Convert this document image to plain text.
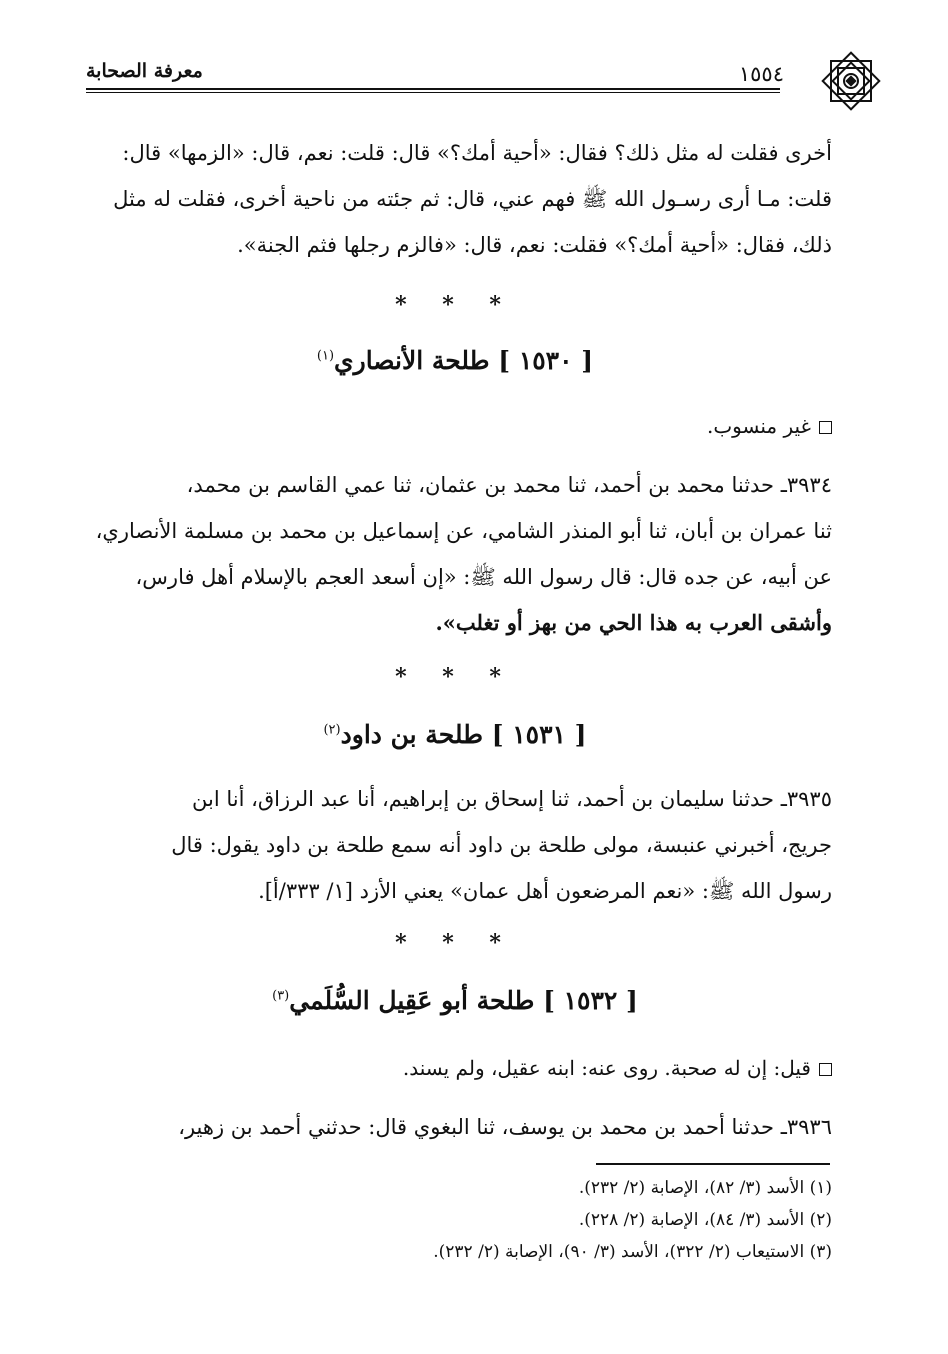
معرفة الصحابة	١٥٥٤
أخرى فقلت له مثل ذلك؟ فقال: «أحية أمك؟» قال: قلت: نعم، قال: «الزمها» قال:
قلت: مـا أرى رسـول الله ﷺ فهم عني، قال: ثم جئته من ناحية أخرى، فقلت له مثل
ذلك، فقال: «أحية أمك؟» فقلت: نعم، قال: «فالزم رجلها فثم الجنة».
* * *
[ ١٥٣٠ ] طلحة الأنصاري$^{(١)}$
غير منسوب.
٣٩٣٤ـ حدثنا محمد بن أحمد، ثنا محمد بن عثمان، ثنا عمي القاسم بن محمد،
ثنا عمران بن أبان، ثنا أبو المنذر الشامي، عن إسماعيل بن محمد بن مسلمة الأنصاري،
عن أبيه، عن جده قال: قال رسول الله ﷺ: «إن أسعد العجم بالإسلام أهل فارس،
وأشقى العرب به هذا الحي من بهز أو تغلب».
* * *
[ ١٥٣١ ] طلحة بن داود$^{(٢)}$
٣٩٣٥ـ حدثنا سليمان بن أحمد، ثنا إسحاق بن إبراهيم، أنا عبد الرزاق، أنا ابن
جريج، أخبرني عنبسة، مولى طلحة بن داود أنه سمع طلحة بن داود يقول: قال
رسول الله ﷺ: «نعم المرضعون أهل عمان» يعني الأزد [١/ ٣٣٣/أ].
* * *
[ ١٥٣٢ ] طلحة أبو عَقِيل السُّلَمي$^{(٣)}$
قيل: إن له صحبة. روى عنه: ابنه عقيل، ولم يسند.
٣٩٣٦ـ حدثنا أحمد بن محمد بن يوسف، ثنا البغوي قال: حدثني أحمد بن زهير،
(١) الأسد (٣/ ٨٢)، الإصابة (٢/ ٢٣٢).
(٢) الأسد (٣/ ٨٤)، الإصابة (٢/ ٢٢٨).
(٣) الاستيعاب (٢/ ٣٢٢)، الأسد (٣/ ٩٠)، الإصابة (٢/ ٢٣٢).
